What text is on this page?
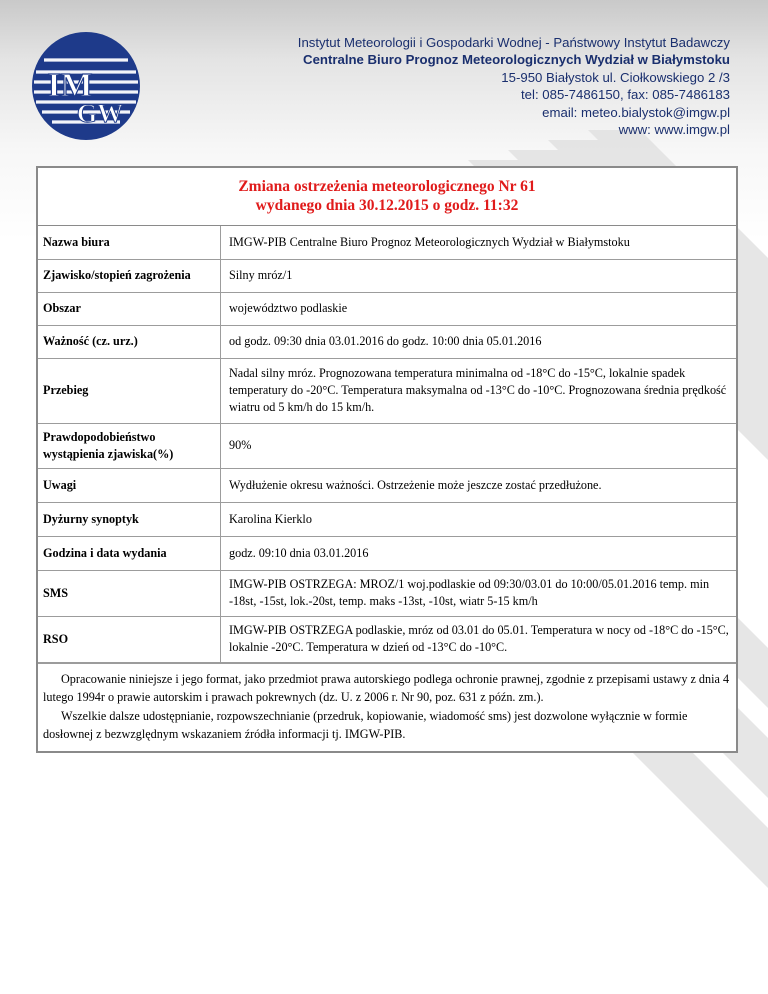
IM
GW
Instytut Meteorologii i Gospodarki Wodnej - Państwowy Instytut Badawczy
Centralne Biuro Prognoz Meteorologicznych Wydział w Białymstoku
15-950 Białystok ul. Ciołkowskiego 2 /3
tel: 085-7486150, fax: 085-7486183
email: meteo.bialystok@imgw.pl
www: www.imgw.pl
Zmiana ostrzeżenia meteorologicznego Nr 61
wydanego dnia 30.12.2015 o godz. 11:32
Nazwa biura	IMGW-PIB Centralne Biuro Prognoz Meteorologicznych Wydział w Białymstoku
Zjawisko/stopień zagrożenia	Silny mróz/1
Obszar	województwo podlaskie
Ważność (cz. urz.)	od godz. 09:30 dnia 03.01.2016 do godz. 10:00 dnia 05.01.2016
Przebieg	Nadal silny mróz. Prognozowana temperatura minimalna od -18°C do -15°C, lokalnie spadek temperatury do -20°C. Temperatura maksymalna od -13°C do -10°C. Prognozowana średnia prędkość wiatru od 5 km/h do 15 km/h.
Prawdopodobieństwo wystąpienia zjawiska(%)	90%
Uwagi	Wydłużenie okresu ważności. Ostrzeżenie może jeszcze zostać przedłużone.
Dyżurny synoptyk	Karolina Kierklo
Godzina i data wydania	godz. 09:10 dnia 03.01.2016
SMS	IMGW-PIB OSTRZEGA: MROZ/1 woj.podlaskie od 09:30/03.01 do 10:00/05.01.2016 temp. min -18st, -15st, lok.-20st, temp. maks -13st, -10st, wiatr 5-15 km/h
RSO	IMGW-PIB OSTRZEGA podlaskie, mróz od 03.01 do 05.01. Temperatura w nocy od -18°C do -15°C, lokalnie -20°C. Temperatura w dzień od -13°C do -10°C.

Opracowanie niniejsze i jego format, jako przedmiot prawa autorskiego podlega ochronie prawnej, zgodnie z przepisami ustawy z dnia 4 lutego 1994r o prawie autorskim i prawach pokrewnych (dz. U. z 2006 r. Nr 90, poz. 631 z późn. zm.).

Wszelkie dalsze udostępnianie, rozpowszechnianie (przedruk, kopiowanie, wiadomość sms) jest dozwolone wyłącznie w formie dosłownej z bezwzględnym wskazaniem źródła informacji tj. IMGW-PIB.
